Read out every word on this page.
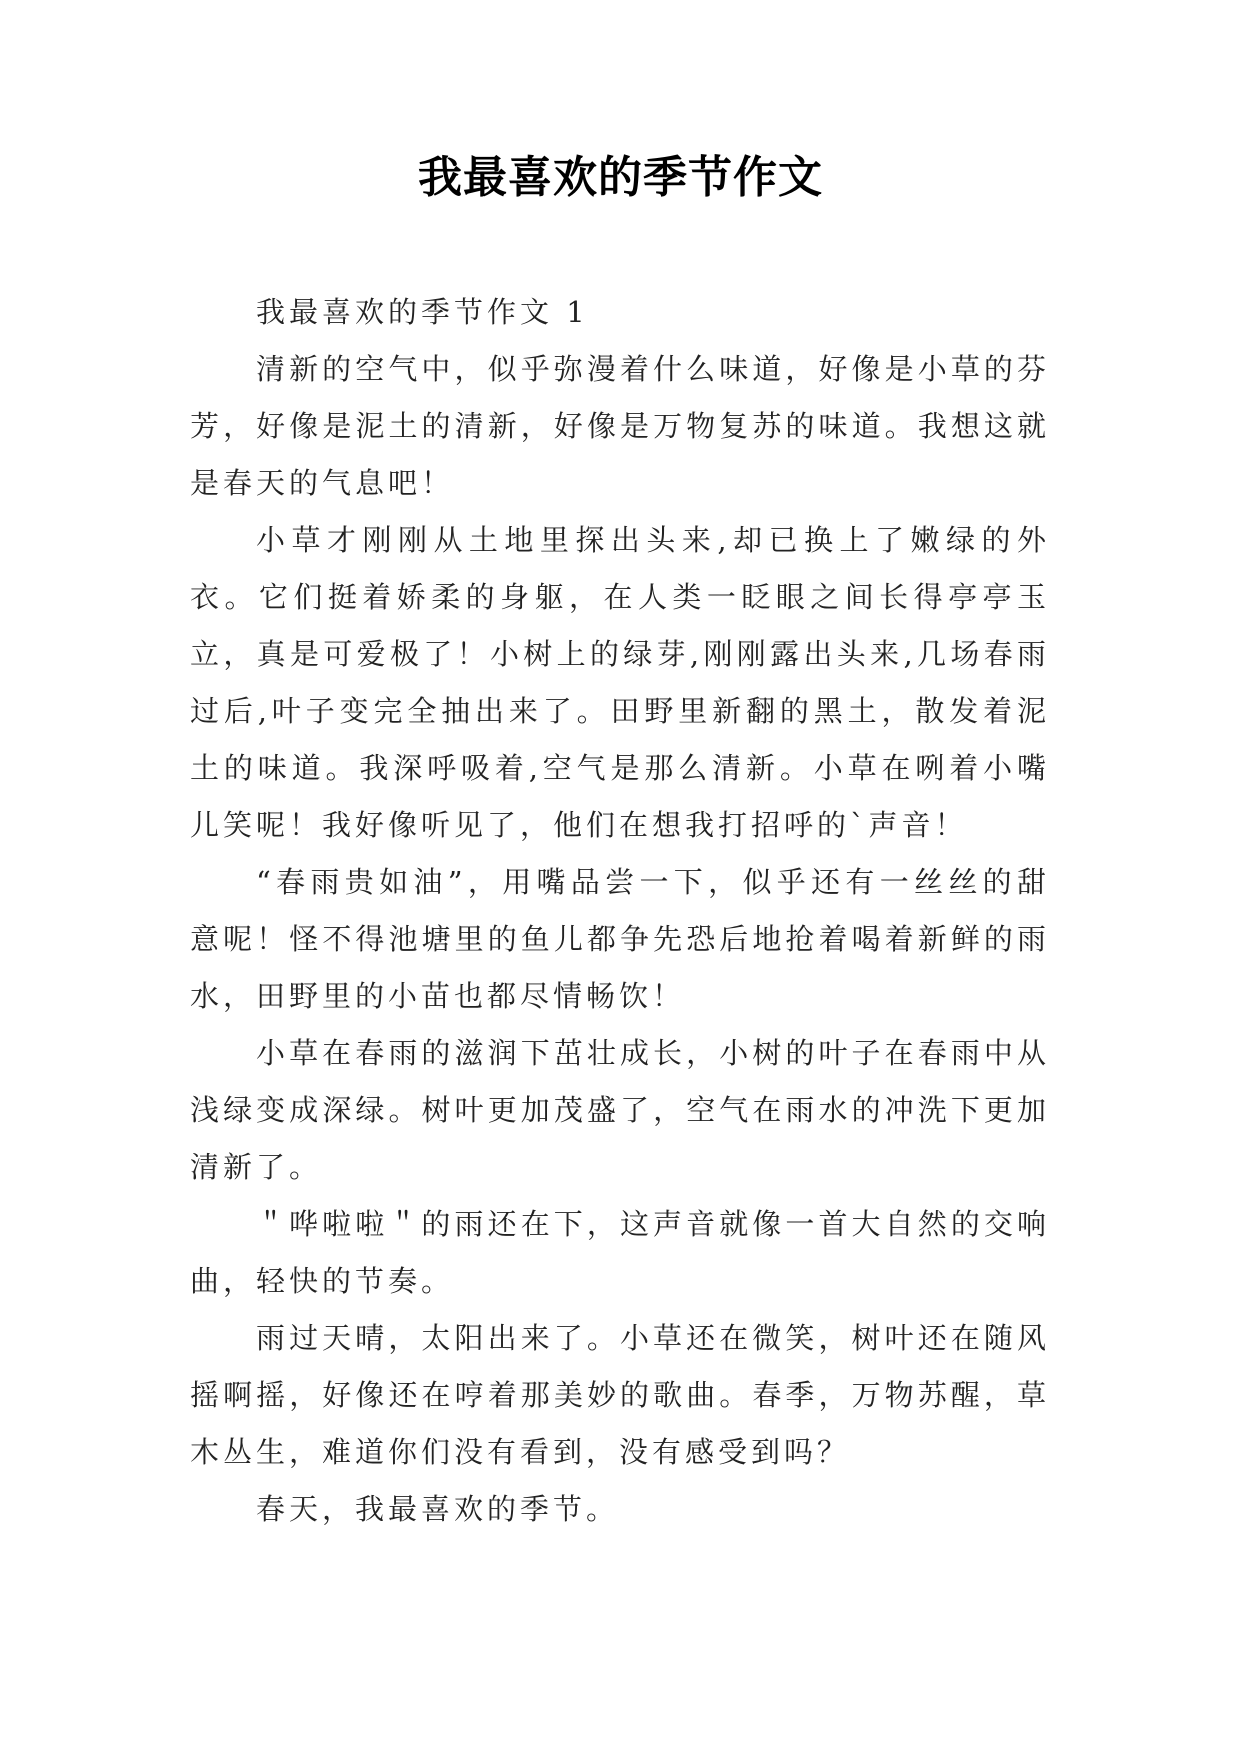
我最喜欢的季节作文

我最喜欢的季节作文 1

清新的空气中，似乎弥漫着什么味道，好像是小草的芬芳，好像是泥土的清新，好像是万物复苏的味道。我想这就是春天的气息吧！

小草才刚刚从土地里探出头来,却已换上了嫩绿的外衣。它们挺着娇柔的身躯，在人类一眨眼之间长得亭亭玉立，真是可爱极了！小树上的绿芽,刚刚露出头来,几场春雨过后,叶子变完全抽出来了。田野里新翻的黑土，散发着泥土的味道。我深呼吸着,空气是那么清新。小草在咧着小嘴儿笑呢！我好像听见了，他们在想我打招呼的`声音！

“春雨贵如油”，用嘴品尝一下，似乎还有一丝丝的甜意呢！怪不得池塘里的鱼儿都争先恐后地抢着喝着新鲜的雨水，田野里的小苗也都尽情畅饮！

小草在春雨的滋润下茁壮成长，小树的叶子在春雨中从浅绿变成深绿。树叶更加茂盛了，空气在雨水的冲洗下更加清新了。

＂哗啦啦＂的雨还在下，这声音就像一首大自然的交响曲，轻快的节奏。

雨过天晴，太阳出来了。小草还在微笑，树叶还在随风摇啊摇，好像还在哼着那美妙的歌曲。春季，万物苏醒，草木丛生，难道你们没有看到，没有感受到吗？

春天，我最喜欢的季节。
